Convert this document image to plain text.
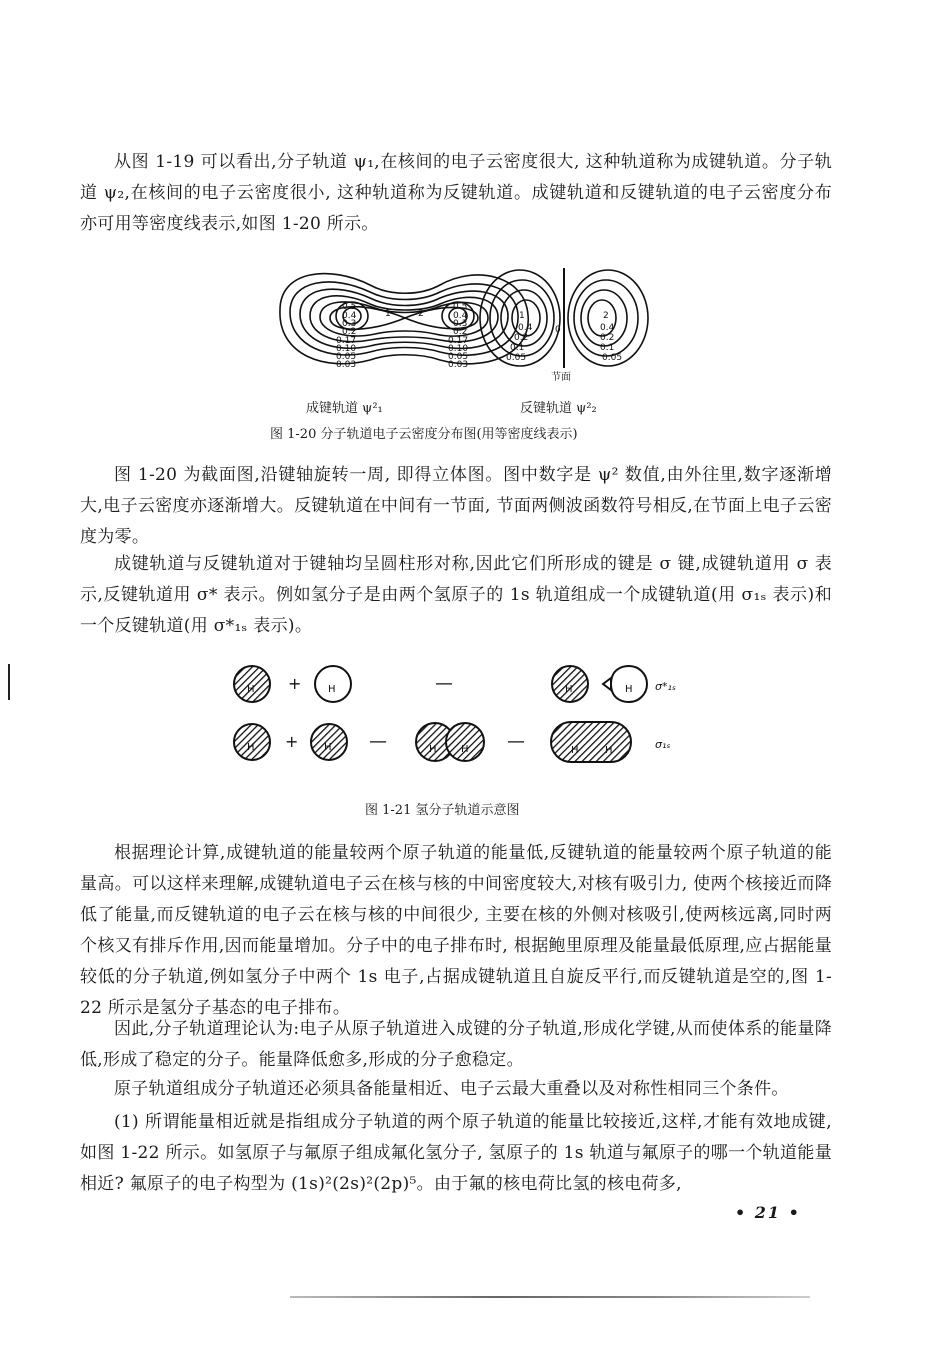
从图 1-19 可以看出,分子轨道 ψ₁,在核间的电子云密度很大, 这种轨道称为成键轨道。分子轨道 ψ₂,在核间的电子云密度很小, 这种轨道称为反键轨道。成键轨道和反键轨道的电子云密度分布亦可用等密度线表示,如图 1-20 所示。

1	2
0.5
0.4
0.3
0.2
0.17
0.10
0.05
0.03
0.5
0.4
0.3
0.2
0.17
0.10
0.05
0.03
1	2
0.4
0.2
0.1
0.05
0.4
0.2
0.1
0.05
0
节面
成键轨道 ψ²₁	反键轨道 ψ²₂
图 1-20 分子轨道电子云密度分布图(用等密度线表示)

图 1-20 为截面图,沿键轴旋转一周, 即得立体图。图中数字是 ψ² 数值,由外往里,数字逐渐增大,电子云密度亦逐渐增大。反键轨道在中间有一节面, 节面两侧波函数符号相反,在节面上电子云密度为零。

成键轨道与反键轨道对于键轴均呈圆柱形对称,因此它们所形成的键是 σ 键,成键轨道用 σ 表示,反键轨道用 σ* 表示。例如氢分子是由两个氢原子的 1s 轨道组成一个成键轨道(用 σ₁ₛ 表示)和一个反键轨道(用 σ*₁ₛ 表示)。

H +	H	—	H	H σ*₁ₛ
H +	H —	H H —	H	H	σ₁ₛ
图 1-21 氢分子轨道示意图

根据理论计算,成键轨道的能量较两个原子轨道的能量低,反键轨道的能量较两个原子轨道的能量高。可以这样来理解,成键轨道电子云在核与核的中间密度较大,对核有吸引力, 使两个核接近而降低了能量,而反键轨道的电子云在核与核的中间很少, 主要在核的外侧对核吸引,使两核远离,同时两个核又有排斥作用,因而能量增加。分子中的电子排布时, 根据鲍里原理及能量最低原理,应占据能量较低的分子轨道,例如氢分子中两个 1s 电子,占据成键轨道且自旋反平行,而反键轨道是空的,图 1-22 所示是氢分子基态的电子排布。

因此,分子轨道理论认为:电子从原子轨道进入成键的分子轨道,形成化学键,从而使体系的能量降低,形成了稳定的分子。能量降低愈多,形成的分子愈稳定。

原子轨道组成分子轨道还必须具备能量相近、电子云最大重叠以及对称性相同三个条件。

(1) 所谓能量相近就是指组成分子轨道的两个原子轨道的能量比较接近,这样,才能有效地成键, 如图 1-22 所示。如氢原子与氟原子组成氟化氢分子, 氢原子的 1s 轨道与氟原子的哪一个轨道能量相近? 氟原子的电子构型为 (1s)²(2s)²(2p)⁵。由于氟的核电荷比氢的核电荷多,

• 21 •
